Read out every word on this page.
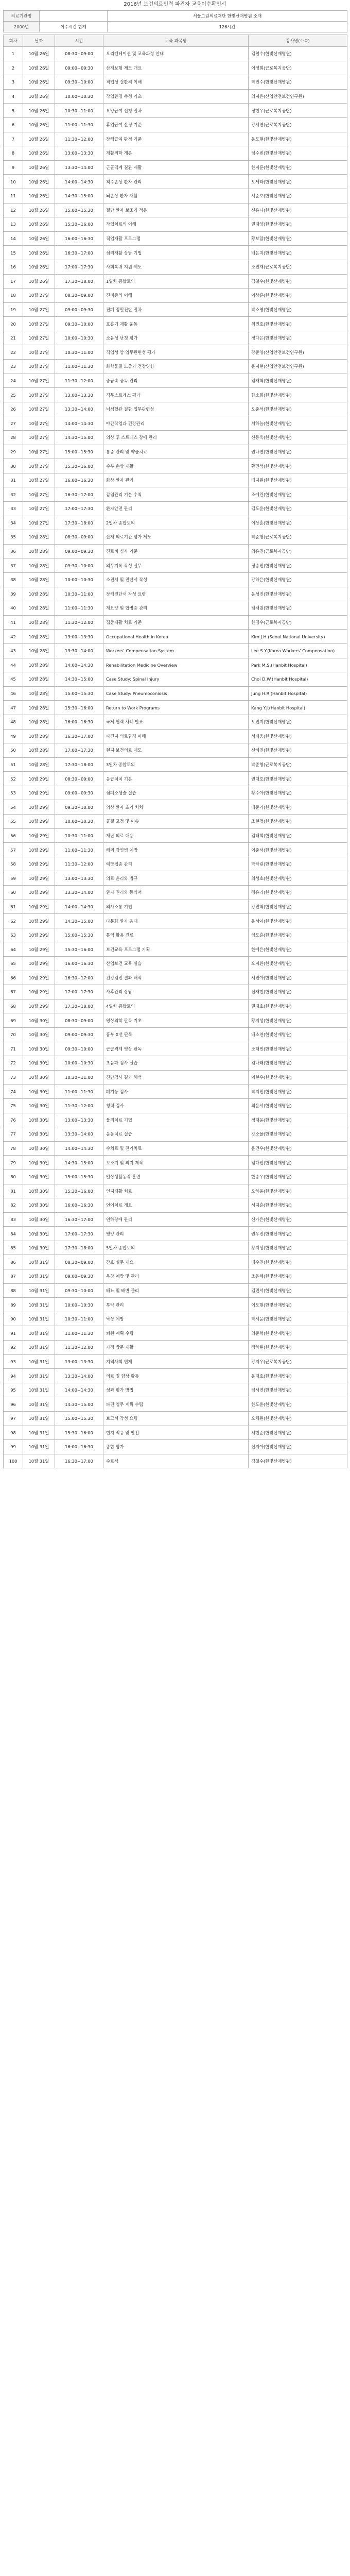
2016년 보건의료인력 파견자 교육이수확인서
의료기관명		서울그린의료재단 한빛산재병원 소재
2000년	이수시간 합계	126시간
회차	날짜	시간	교육 과목명	강사명(소속)
1	10월 26일	08:30~09:00	오리엔테이션 및 교육과정 안내	김철수(한빛산재병원)
2	10월 26일	09:00~09:30	산재보험 제도 개요	이영희(근로복지공단)
3	10월 26일	09:30~10:00	직업성 질환의 이해	박민수(한빛산재병원)
4	10월 26일	10:00~10:30	작업환경 측정 기초	최지은(산업안전보건연구원)
5	10월 26일	10:30~11:00	요양급여 신청 절차	정현우(근로복지공단)
6	10월 26일	11:00~11:30	휴업급여 산정 기준	강서연(근로복지공단)
7	10월 26일	11:30~12:00	장해급여 판정 기준	윤도현(한빛산재병원)
8	10월 26일	13:00~13:30	재활의학 개론	임수빈(한빛산재병원)
9	10월 26일	13:30~14:00	근골격계 질환 재활	한지훈(한빛산재병원)
10	10월 26일	14:00~14:30	척수손상 환자 관리	오세라(한빛산재병원)
11	10월 26일	14:30~15:00	뇌손상 환자 재활	서준호(한빛산재병원)
12	10월 26일	15:00~15:30	절단 환자 보조기 적용	신유나(한빛산재병원)
13	10월 26일	15:30~16:00	작업치료의 이해	권태양(한빛산재병원)
14	10월 26일	16:00~16:30	직업재활 프로그램	황보람(한빛산재병원)
15	10월 26일	16:30~17:00	심리재활 상담 기법	배은지(한빛산재병원)
16	10월 26일	17:00~17:30	사회복귀 지원 제도	조민재(근로복지공단)
17	10월 26일	17:30~18:00	1일차 종합토의	김철수(한빛산재병원)
18	10월 27일	08:30~09:00	진폐증의 이해	이상훈(한빛산재병원)
19	10월 27일	09:00~09:30	진폐 정밀진단 절차	박소영(한빛산재병원)
20	10월 27일	09:30~10:00	호흡기 재활 운동	최민호(한빛산재병원)
21	10월 27일	10:00~10:30	소음성 난청 평가	정다은(한빛산재병원)
22	10월 27일	10:30~11:00	직업성 암 업무관련성 평가	강준영(산업안전보건연구원)
23	10월 27일	11:00~11:30	화학물질 노출과 건강영향	윤지현(산업안전보건연구원)
24	10월 27일	11:30~12:00	중금속 중독 관리	임재혁(한빛산재병원)
25	10월 27일	13:00~13:30	직무스트레스 평가	한소희(한빛산재병원)
26	10월 27일	13:30~14:00	뇌심혈관 질환 업무관련성	오준석(한빛산재병원)
27	10월 27일	14:00~14:30	야간작업과 건강관리	서하늘(한빛산재병원)
28	10월 27일	14:30~15:00	외상 후 스트레스 장애 관리	신동욱(한빛산재병원)
29	10월 27일	15:00~15:30	통증 관리 및 약물치료	권나연(한빛산재병원)
30	10월 27일	15:30~16:00	수부 손상 재활	황민석(한빛산재병원)
31	10월 27일	16:00~16:30	화상 환자 관리	배지원(한빛산재병원)
32	10월 27일	16:30~17:00	감염관리 기본 수칙	조예린(한빛산재병원)
33	10월 27일	17:00~17:30	환자안전 관리	김도윤(한빛산재병원)
34	10월 27일	17:30~18:00	2일차 종합토의	이상훈(한빛산재병원)
35	10월 28일	08:30~09:00	산재 의료기관 평가 제도	박준형(근로복지공단)
36	10월 28일	09:00~09:30	진료비 심사 기준	최유진(근로복지공단)
37	10월 28일	09:30~10:00	의무기록 작성 실무	정승민(한빛산재병원)
38	10월 28일	10:00~10:30	소견서 및 진단서 작성	강하은(한빛산재병원)
39	10월 28일	10:30~11:00	장해진단서 작성 요령	윤성진(한빛산재병원)
40	10월 28일	11:00~11:30	재요양 및 합병증 관리	임채원(한빛산재병원)
41	10월 28일	11:30~12:00	집중재활 치료 기준	한경수(근로복지공단)
42	10월 28일	13:00~13:30	Occupational Health in Korea	Kim J.H.(Seoul National University)
43	10월 28일	13:30~14:00	Workers' Compensation System	Lee S.Y.(Korea Workers' Compensation)
44	10월 28일	14:00~14:30	Rehabilitation Medicine Overview	Park M.S.(Hanbit Hospital)
45	10월 28일	14:30~15:00	Case Study: Spinal Injury	Choi D.W.(Hanbit Hospital)
46	10월 28일	15:00~15:30	Case Study: Pneumoconiosis	Jung H.R.(Hanbit Hospital)
47	10월 28일	15:30~16:00	Return to Work Programs	Kang Y.J.(Hanbit Hospital)
48	10월 28일	16:00~16:30	국제 협력 사례 발표	오민지(한빛산재병원)
49	10월 28일	16:30~17:00	파견지 의료환경 이해	서재웅(한빛산재병원)
50	10월 28일	17:00~17:30	현지 보건의료 제도	신혜진(한빛산재병원)
51	10월 28일	17:30~18:00	3일차 종합토의	박준형(근로복지공단)
52	10월 29일	08:30~09:00	응급처치 기본	권대호(한빛산재병원)
53	10월 29일	09:00~09:30	심폐소생술 실습	황수아(한빛산재병원)
54	10월 29일	09:30~10:00	외상 환자 초기 처치	배준기(한빛산재병원)
55	10월 29일	10:00~10:30	골절 고정 및 이송	조현정(한빛산재병원)
56	10월 29일	10:30~11:00	재난 의료 대응	김태희(한빛산재병원)
57	10월 29일	11:00~11:30	해외 감염병 예방	이준서(한빛산재병원)
58	10월 29일	11:30~12:00	예방접종 관리	박하린(한빛산재병원)
59	10월 29일	13:00~13:30	의료 윤리와 법규	최성호(한빛산재병원)
60	10월 29일	13:30~14:00	환자 권리와 동의서	정유리(한빛산재병원)
61	10월 29일	14:00~14:30	의사소통 기법	강민혁(한빛산재병원)
62	10월 29일	14:30~15:00	다문화 환자 응대	윤서아(한빛산재병원)
63	10월 29일	15:00~15:30	통역 활용 진료	임도훈(한빛산재병원)
64	10월 29일	15:30~16:00	보건교육 프로그램 기획	한예은(한빛산재병원)
65	10월 29일	16:00~16:30	산업보건 교육 실습	오지환(한빛산재병원)
66	10월 29일	16:30~17:00	건강검진 결과 해석	서민아(한빛산재병원)
67	10월 29일	17:00~17:30	사후관리 상담	신재현(한빛산재병원)
68	10월 29일	17:30~18:00	4일차 종합토의	권대호(한빛산재병원)
69	10월 30일	08:30~09:00	영상의학 판독 기초	황지성(한빛산재병원)
70	10월 30일	09:00~09:30	흉부 X선 판독	배소연(한빛산재병원)
71	10월 30일	09:30~10:00	근골격계 영상 판독	조태민(한빛산재병원)
72	10월 30일	10:00~10:30	초음파 검사 실습	김나래(한빛산재병원)
73	10월 30일	10:30~11:00	진단검사 결과 해석	이현우(한빛산재병원)
74	10월 30일	11:00~11:30	폐기능 검사	박지민(한빛산재병원)
75	10월 30일	11:30~12:00	청력 검사	최윤서(한빛산재병원)
76	10월 30일	13:00~13:30	물리치료 기법	정태윤(한빛산재병원)
77	10월 30일	13:30~14:00	운동치료 실습	강소율(한빛산재병원)
78	10월 30일	14:00~14:30	수치료 및 전기치료	윤건우(한빛산재병원)
79	10월 30일	14:30~15:00	보조기 및 의지 제작	임다인(한빛산재병원)
80	10월 30일	15:00~15:30	일상생활동작 훈련	한승우(한빛산재병원)
81	10월 30일	15:30~16:00	인지재활 치료	오하윤(한빛산재병원)
82	10월 30일	16:00~16:30	언어치료 개요	서지훈(한빛산재병원)
83	10월 30일	16:30~17:00	연하장애 관리	신가은(한빛산재병원)
84	10월 30일	17:00~17:30	영양 관리	권우진(한빛산재병원)
85	10월 30일	17:30~18:00	5일차 종합토의	황지성(한빛산재병원)
86	10월 31일	08:30~09:00	간호 실무 개요	배수진(한빛산재병원)
87	10월 31일	09:00~09:30	욕창 예방 및 관리	조은채(한빛산재병원)
88	10월 31일	09:30~10:00	배뇨 및 배변 관리	김민서(한빛산재병원)
89	10월 31일	10:00~10:30	투약 관리	이도현(한빛산재병원)
90	10월 31일	10:30~11:00	낙상 예방	박서윤(한빛산재병원)
91	10월 31일	11:00~11:30	퇴원 계획 수립	최준혁(한빛산재병원)
92	10월 31일	11:30~12:00	가정 방문 재활	정하린(한빛산재병원)
93	10월 31일	13:00~13:30	지역사회 연계	강지우(근로복지공단)
94	10월 31일	13:30~14:00	의료 질 향상 활동	윤태호(한빛산재병원)
95	10월 31일	14:00~14:30	성과 평가 방법	임서연(한빛산재병원)
96	10월 31일	14:30~15:00	파견 업무 계획 수립	한도윤(한빛산재병원)
97	10월 31일	15:00~15:30	보고서 작성 요령	오채원(한빛산재병원)
98	10월 31일	15:30~16:00	현지 적응 및 안전	서현준(한빛산재병원)
99	10월 31일	16:00~16:30	종합 평가	신지아(한빛산재병원)
100	10월 31일	16:30~17:00	수료식	김철수(한빛산재병원)
